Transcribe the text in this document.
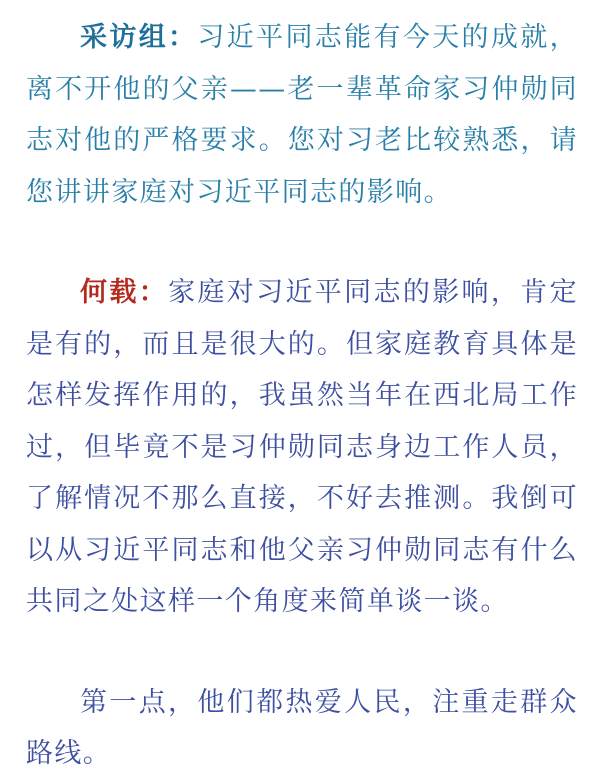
采访组：习近平同志能有今天的成就，离不开他的父亲——老一辈革命家习仲勋同志对他的严格要求。您对习老比较熟悉，请您讲讲家庭对习近平同志的影响。

何载：家庭对习近平同志的影响，肯定是有的，而且是很大的。但家庭教育具体是怎样发挥作用的，我虽然当年在西北局工作过，但毕竟不是习仲勋同志身边工作人员，了解情况不那么直接，不好去推测。我倒可以从习近平同志和他父亲习仲勋同志有什么共同之处这样一个角度来简单谈一谈。

第一点，他们都热爱人民，注重走群众路线。
